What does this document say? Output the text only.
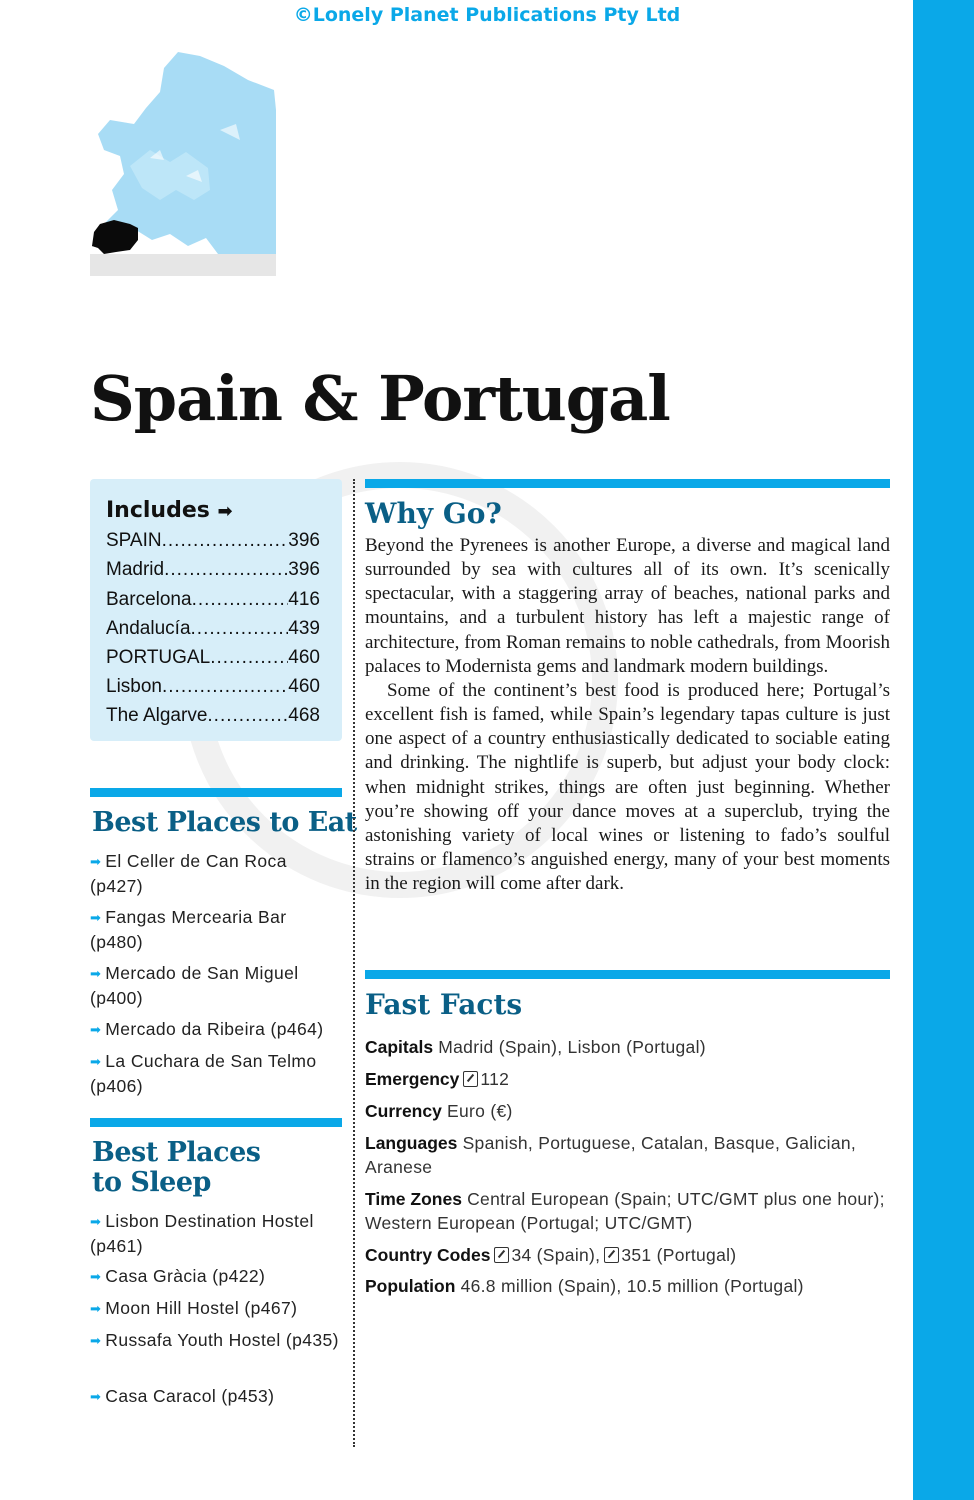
©Lonely Planet Publications Pty Ltd
Spain & Portugal
Includes ➡
SPAIN .....	396
Madrid .....	396
Barcelona .....	416
Andalucía .....	439
PORTUGAL .....	460
Lisbon .....	460
The Algarve .....	468
Best Places to Eat
➡ El Celler de Can Roca (p427)
➡ Fangas Mercearia Bar (p480)
➡ Mercado de San Miguel (p400)
➡ Mercado da Ribeira (p464)
➡ La Cuchara de San Telmo (p406)
Best Places
to Sleep
➡ Lisbon Destination Hostel (p461)
➡ Casa Gràcia (p422)
➡ Moon Hill Hostel (p467)
➡ Russafa Youth Hostel (p435)
➡ Casa Caracol (p453)
Why Go?

Beyond the Pyrenees is another Europe, a diverse and magical land surrounded by sea with cultures all of its own. It’s scenically spectacular, with a staggering array of beaches, national parks and mountains, and a turbulent history has left a majestic range of architecture, from Roman remains to noble cathedrals, from Moorish palaces to Modernista gems and landmark modern buildings.

Some of the continent’s best food is produced here; Portugal’s excellent fish is famed, while Spain’s legendary tapas culture is just one aspect of a country enthusiastically dedicated to sociable eating and drinking. The nightlife is superb, but adjust your body clock: when midnight strikes, things are often just beginning. Whether you’re showing off your dance moves at a superclub, trying the astonishing variety of local wines or listening to fado’s soulful strains or flamenco’s anguished energy, many of your best moments in the region will come after dark.

Fast Facts
Capitals Madrid (Spain), Lisbon (Portugal)
Emergency 112
Currency Euro (€)
Languages Spanish, Portuguese, Catalan, Basque, Galician, Aranese
Time Zones Central European (Spain; UTC/GMT plus one hour); Western European (Portugal; UTC/GMT)
Country Codes 34 (Spain), 351 (Portugal)
Population 46.8 million (Spain), 10.5 million (Portugal)
